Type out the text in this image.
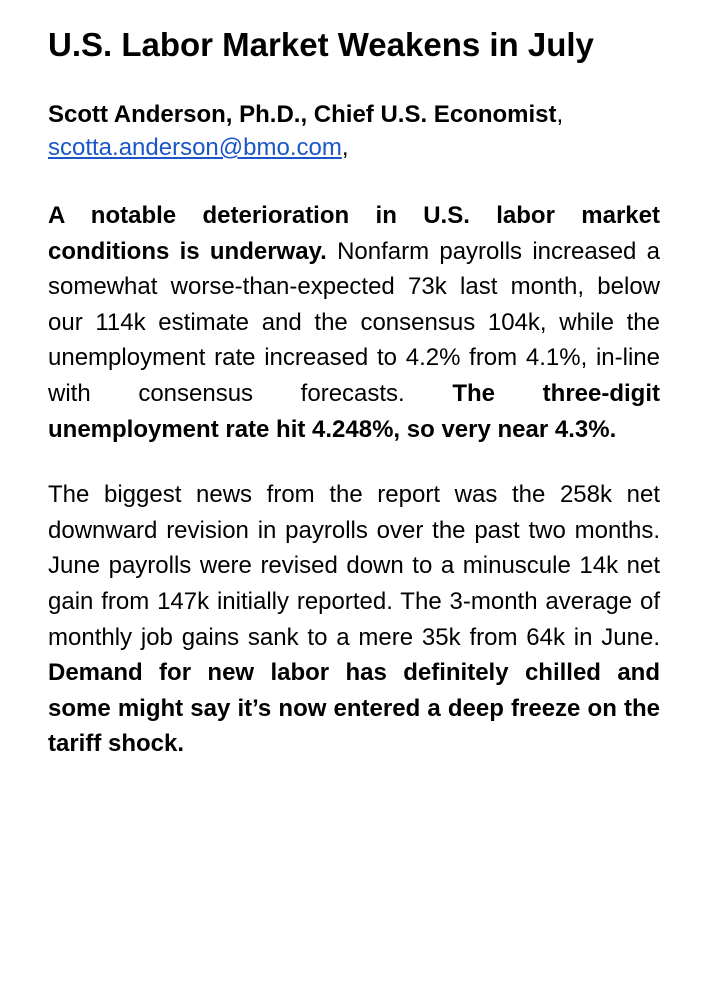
U.S. Labor Market Weakens in July

Scott Anderson, Ph.D., Chief U.S. Economist, scotta.anderson@bmo.com,

A notable deterioration in U.S. labor market conditions is underway. Nonfarm payrolls increased a somewhat worse-than-expected 73k last month, below our 114k estimate and the consensus 104k, while the unemployment rate increased to 4.2% from 4.1%, in-line with consensus forecasts. The three-digit unemployment rate hit 4.248%, so very near 4.3%.

The biggest news from the report was the 258k net downward revision in payrolls over the past two months. June payrolls were revised down to a minuscule 14k net gain from 147k initially reported. The 3-month average of monthly job gains sank to a mere 35k from 64k in June. Demand for new labor has definitely chilled and some might say it’s now entered a deep freeze on the tariff shock.
